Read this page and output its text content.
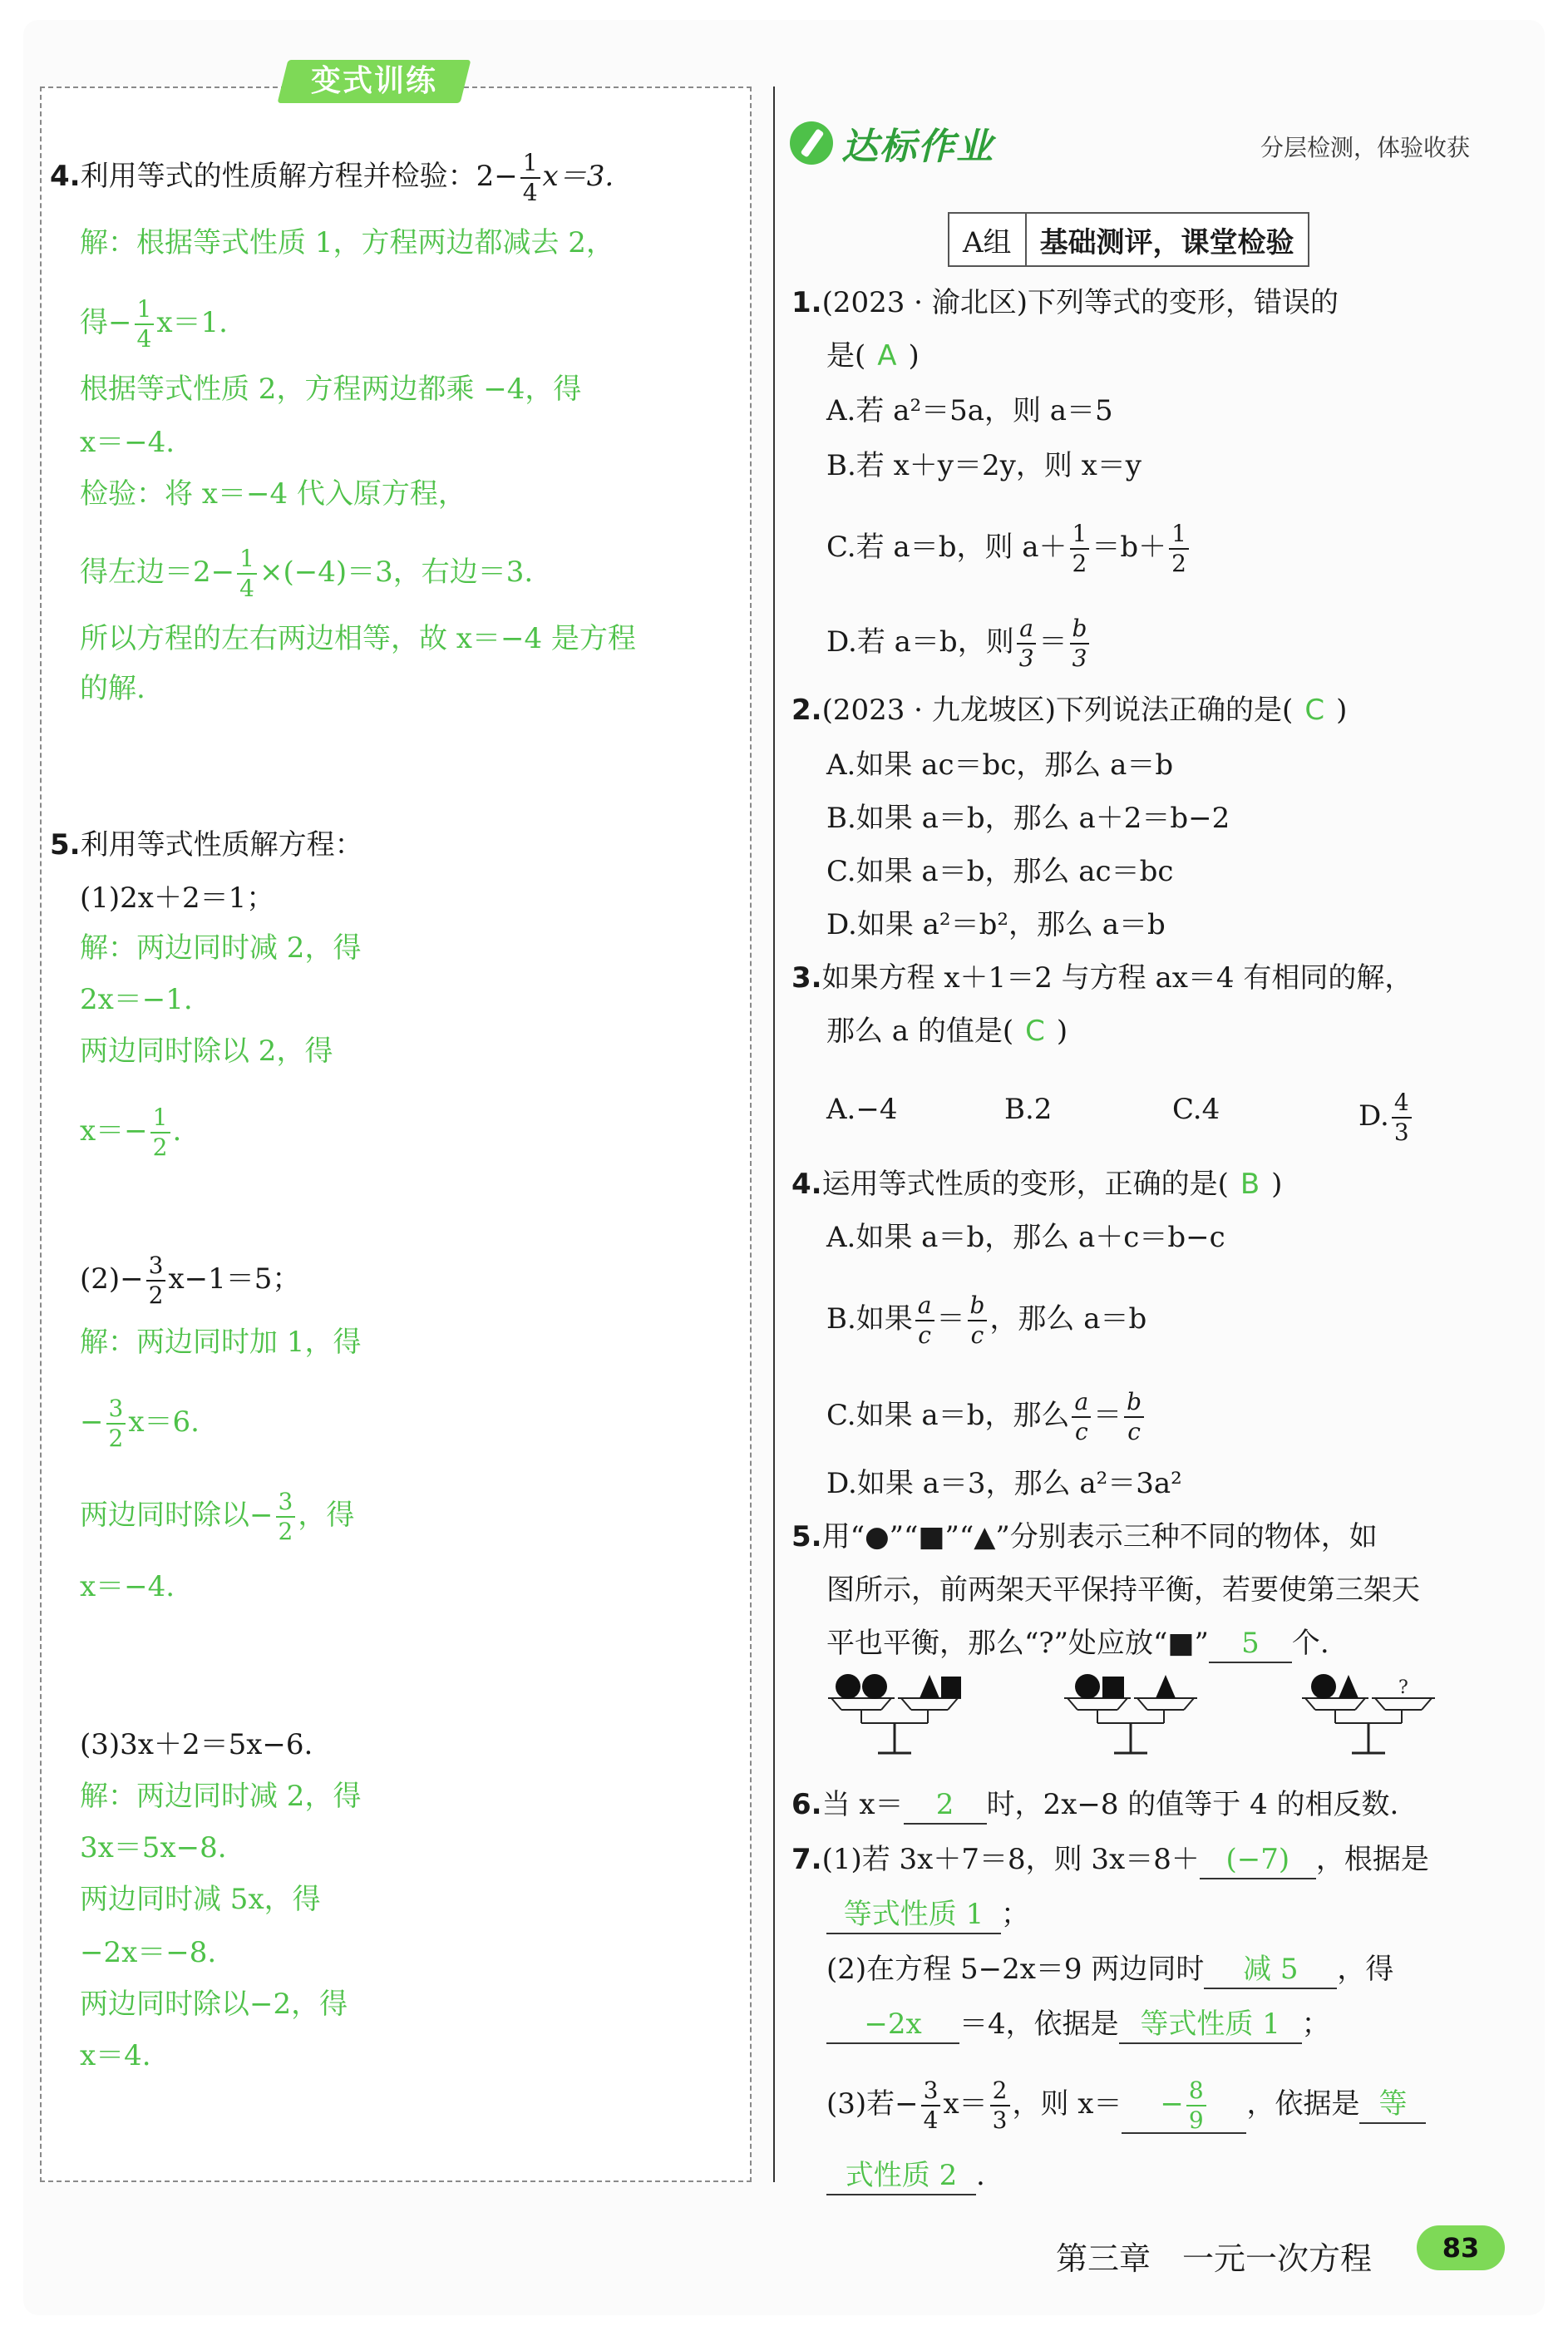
变式训练
4.利用等式的性质解方程并检验：$2- \frac{1}{4} x=3$.
解：根据等式性质 1，方程两边都减去 2，
得− $\frac{1}{4} x=1$.
根据等式性质 2，方程两边都乘 −4，得
x＝−4.
检验：将 x＝−4 代入原方程，
得左边$=2- \frac{1}{4} \times(-4)=3$，右边＝3.
所以方程的左右两边相等，故 x＝−4 是方程
的解.
5.利用等式性质解方程：
(1)2x＋2＝1；
解：两边同时减 2，得
2x＝−1.
两边同时除以 2，得
$x=- \frac{1}{2}$ .
$(2)- \frac{3}{2} x-1=5$；
解：两边同时加 1，得
− $\frac{3}{2} x=6$.
两边同时除以− $\frac{3}{2}$ ，得
x＝−4.
(3)3x＋2＝5x−6.
解：两边同时减 2，得
3x＝5x−8.
两边同时减 5x，得
−2x＝−8.
两边同时除以−2，得
x＝4.
达标作业	分层检测，体验收获
A组	基础测评，课堂检验
1.(2023 · 渝北区)下列等式的变形，错误的
是( A )
A.若 a²＝5a，则 a＝5
B.若 x＋y＝2y，则 x＝y
C.若 a＝b，则 $a+ \frac{1}{2} =b+ \frac{1}{2}$
D.若 a＝b，则 $\frac{a}{3} = \frac{b}{3}$
2.(2023 · 九龙坡区)下列说法正确的是( C )
A.如果 ac＝bc，那么 a＝b
B.如果 a＝b，那么 a＋2＝b−2
C.如果 a＝b，那么 ac＝bc
D.如果 a²＝b²，那么 a＝b
3.如果方程 x＋1＝2 与方程 ax＝4 有相同的解，
那么 a 的值是( C )
A.−4	B.2	C.4	D. $\frac{4}{3}$
4.运用等式性质的变形，正确的是( B )
A.如果 a＝b，那么 a＋c＝b−c
B.如果 $\frac{a}{c} = \frac{b}{c}$ ，那么 a＝b
C.如果 a＝b，那么 $\frac{a}{c} = \frac{b}{c}$
D.如果 a＝3，那么 a²＝3a²
5.用“●”“■”“▲”分别表示三种不同的物体，如
图所示，前两架天平保持平衡，若要使第三架天
平也平衡，那么“?”处应放“■” 5 个.
?
6.当 x＝ 2 时，2x−8 的值等于 4 的相反数.
7.(1)若 3x＋7＝8，则 3x＝8＋ (−7) ，根据是
等式性质 1 ；
(2)在方程 5−2x＝9 两边同时 减 5 ，得
−2x ＝4，依据是 等式性质 1 ；
(3)若− $\frac{3}{4} x= \frac{2}{3}$ ，则 $x= - \frac{8}{9}$ ，依据是 等
式性质 2 .
第三章　一元一次方程	83
